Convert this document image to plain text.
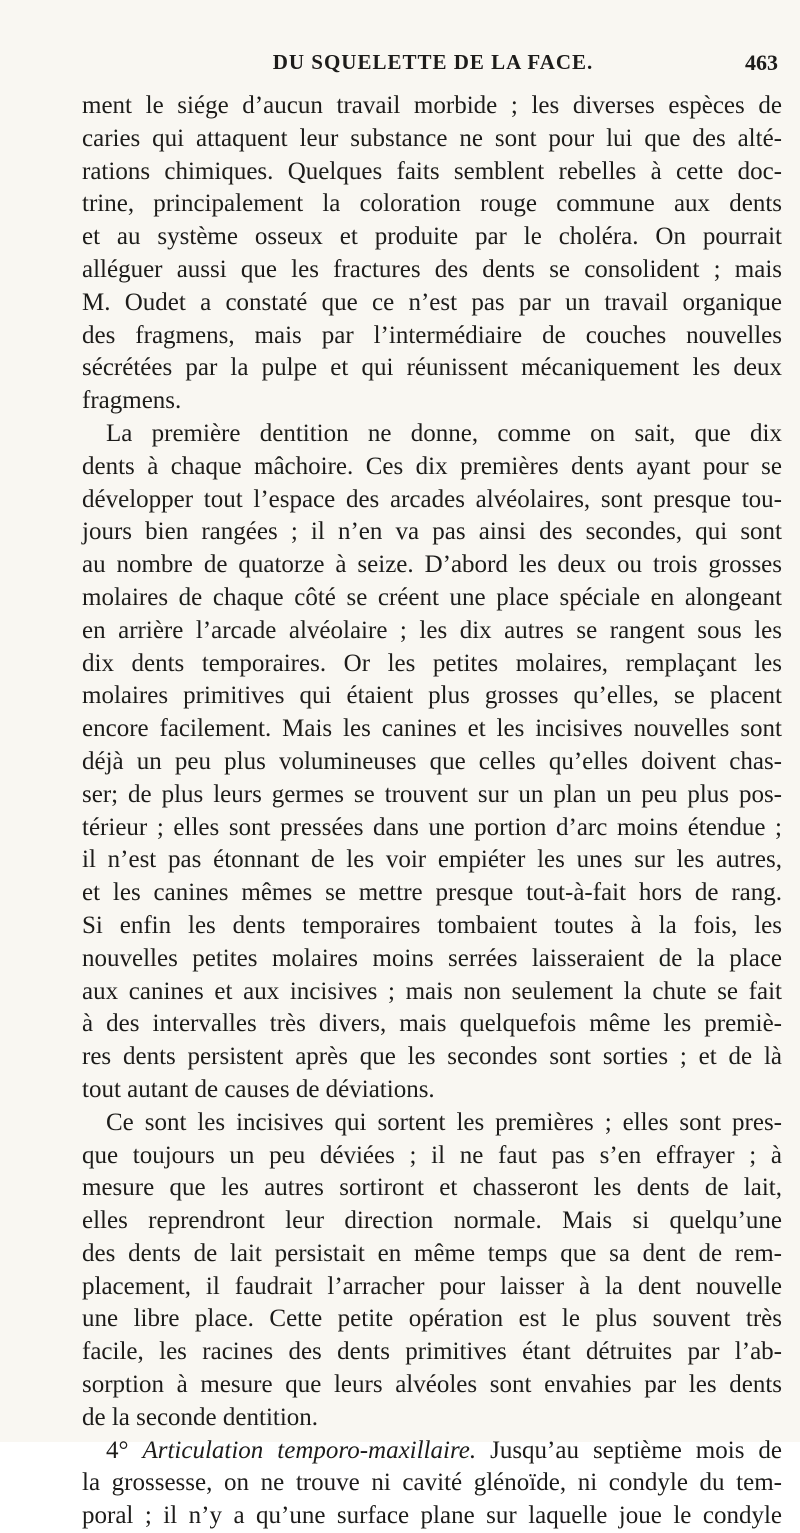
DU SQUELETTE DE LA FACE.	463
ment le siége d’aucun travail morbide ; les diverses espèces de
caries qui attaquent leur substance ne sont pour lui que des alté-
rations chimiques. Quelques faits semblent rebelles à cette doc-
trine, principalement la coloration rouge commune aux dents
et au système osseux et produite par le choléra. On pourrait
alléguer aussi que les fractures des dents se consolident ; mais
M. Oudet a constaté que ce n’est pas par un travail organique
des fragmens, mais par l’intermédiaire de couches nouvelles
sécrétées par la pulpe et qui réunissent mécaniquement les deux
fragmens.
La première dentition ne donne, comme on sait, que dix
dents à chaque mâchoire. Ces dix premières dents ayant pour se
développer tout l’espace des arcades alvéolaires, sont presque tou-
jours bien rangées ; il n’en va pas ainsi des secondes, qui sont
au nombre de quatorze à seize. D’abord les deux ou trois grosses
molaires de chaque côté se créent une place spéciale en alongeant
en arrière l’arcade alvéolaire ; les dix autres se rangent sous les
dix dents temporaires. Or les petites molaires, remplaçant les
molaires primitives qui étaient plus grosses qu’elles, se placent
encore facilement. Mais les canines et les incisives nouvelles sont
déjà un peu plus volumineuses que celles qu’elles doivent chas-
ser; de plus leurs germes se trouvent sur un plan un peu plus pos-
térieur ; elles sont pressées dans une portion d’arc moins étendue ;
il n’est pas étonnant de les voir empiéter les unes sur les autres,
et les canines mêmes se mettre presque tout-à-fait hors de rang.
Si enfin les dents temporaires tombaient toutes à la fois, les
nouvelles petites molaires moins serrées laisseraient de la place
aux canines et aux incisives ; mais non seulement la chute se fait
à des intervalles très divers, mais quelquefois même les premiè-
res dents persistent après que les secondes sont sorties ; et de là
tout autant de causes de déviations.
Ce sont les incisives qui sortent les premières ; elles sont pres-
que toujours un peu déviées ; il ne faut pas s’en effrayer ; à
mesure que les autres sortiront et chasseront les dents de lait,
elles reprendront leur direction normale. Mais si quelqu’une
des dents de lait persistait en même temps que sa dent de rem-
placement, il faudrait l’arracher pour laisser à la dent nouvelle
une libre place. Cette petite opération est le plus souvent très
facile, les racines des dents primitives étant détruites par l’ab-
sorption à mesure que leurs alvéoles sont envahies par les dents
de la seconde dentition.
4° Articulation temporo-maxillaire. Jusqu’au septième mois de
la grossesse, on ne trouve ni cavité glénoïde, ni condyle du tem-
poral ; il n’y a qu’une surface plane sur laquelle joue le condyle
